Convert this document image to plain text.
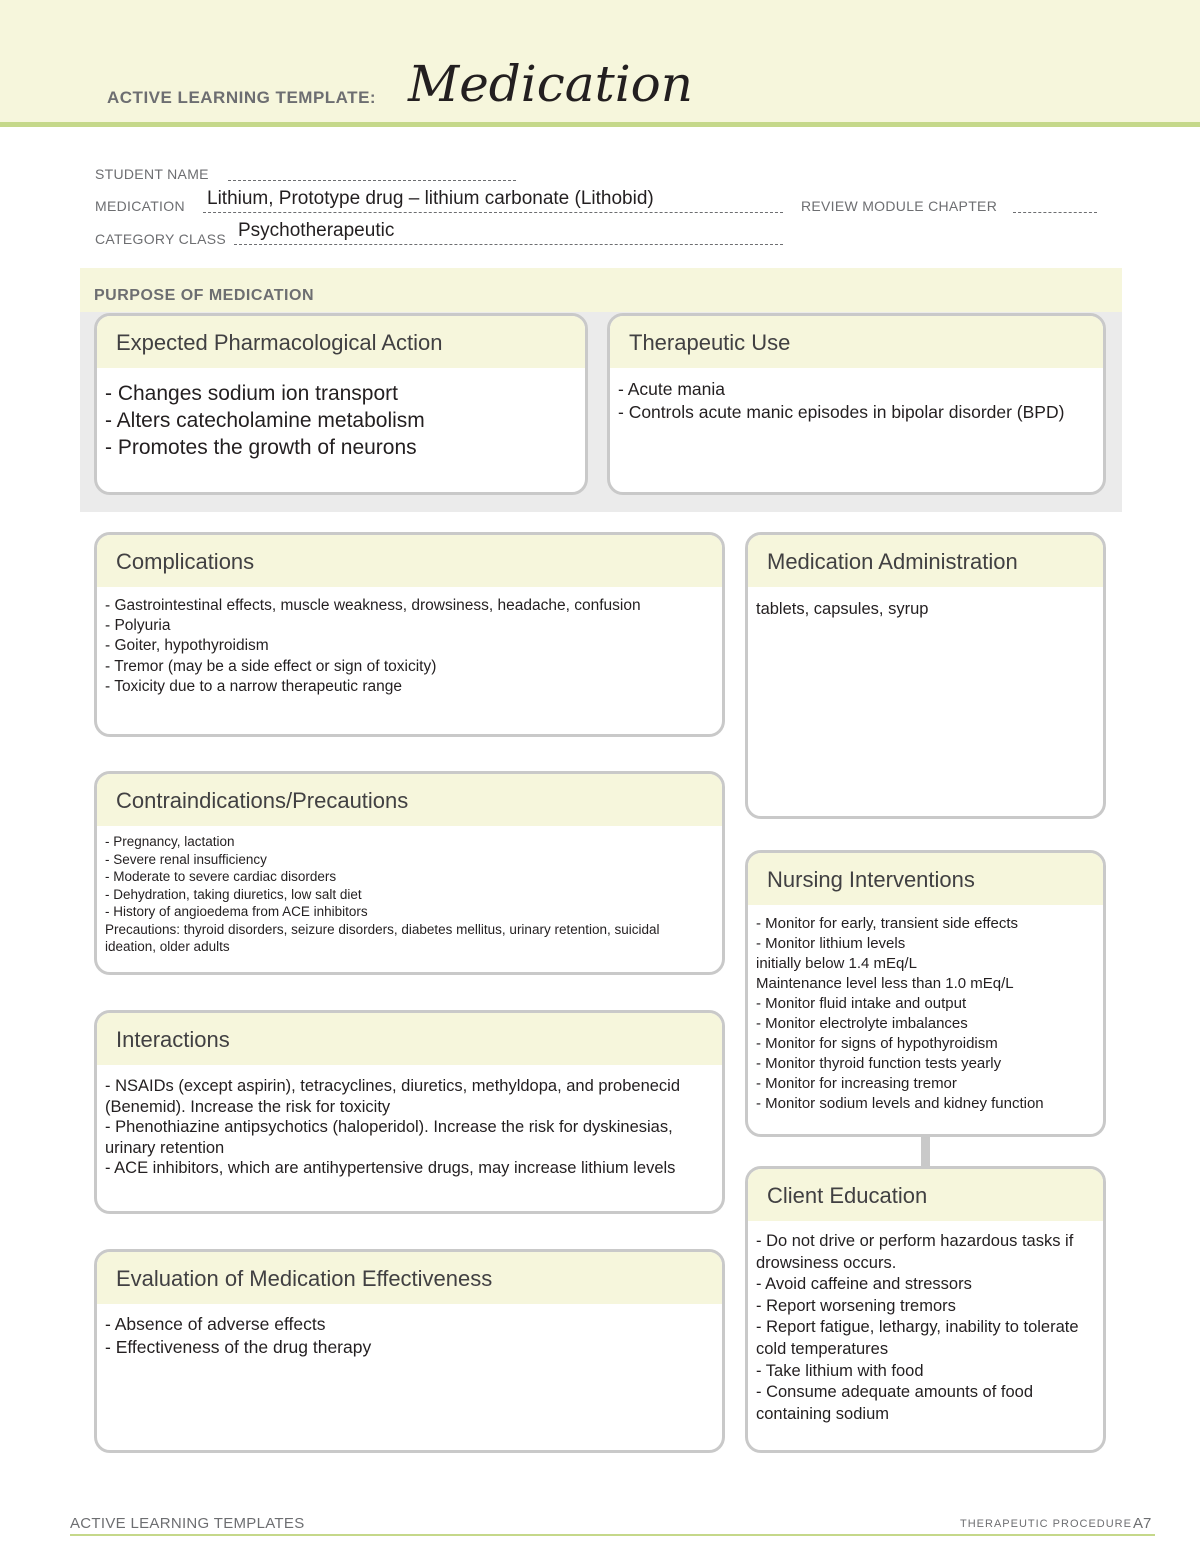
ACTIVE LEARNING TEMPLATE: Medication
STUDENT NAME
MEDICATION Lithium, Prototype drug – lithium carbonate (Lithobid)	REVIEW MODULE CHAPTER
CATEGORY CLASS Psychotherapeutic
PURPOSE OF MEDICATION
Expected Pharmacological Action
- Changes sodium ion transport
- Alters catecholamine metabolism
- Promotes the growth of neurons
Therapeutic Use
- Acute mania
- Controls acute manic episodes in bipolar disorder (BPD)
Complications
- Gastrointestinal effects, muscle weakness, drowsiness, headache, confusion
- Polyuria
- Goiter, hypothyroidism
- Tremor (may be a side effect or sign of toxicity)
- Toxicity due to a narrow therapeutic range
Contraindications/Precautions
- Pregnancy, lactation
- Severe renal insufficiency
- Moderate to severe cardiac disorders
- Dehydration, taking diuretics, low salt diet
- History of angioedema from ACE inhibitors
Precautions: thyroid disorders, seizure disorders, diabetes mellitus, urinary retention, suicidal ideation, older adults
Interactions
- NSAIDs (except aspirin), tetracyclines, diuretics, methyldopa, and probenecid (Benemid). Increase the risk for toxicity
- Phenothiazine antipsychotics (haloperidol). Increase the risk for dyskinesias, urinary retention
- ACE inhibitors, which are antihypertensive drugs, may increase lithium levels
Evaluation of Medication Effectiveness
- Absence of adverse effects
- Effectiveness of the drug therapy
Medication Administration
tablets, capsules, syrup
Nursing Interventions
- Monitor for early, transient side effects
- Monitor lithium levels
initially below 1.4 mEq/L
Maintenance level less than 1.0 mEq/L
- Monitor fluid intake and output
- Monitor electrolyte imbalances
- Monitor for signs of hypothyroidism
- Monitor thyroid function tests yearly
- Monitor for increasing tremor
- Monitor sodium levels and kidney function
Client Education
- Do not drive or perform hazardous tasks if drowsiness occurs.
- Avoid caffeine and stressors
- Report worsening tremors
- Report fatigue, lethargy, inability to tolerate cold temperatures
- Take lithium with food
- Consume adequate amounts of food containing sodium
ACTIVE LEARNING TEMPLATES	THERAPEUTIC PROCEDURE A7
